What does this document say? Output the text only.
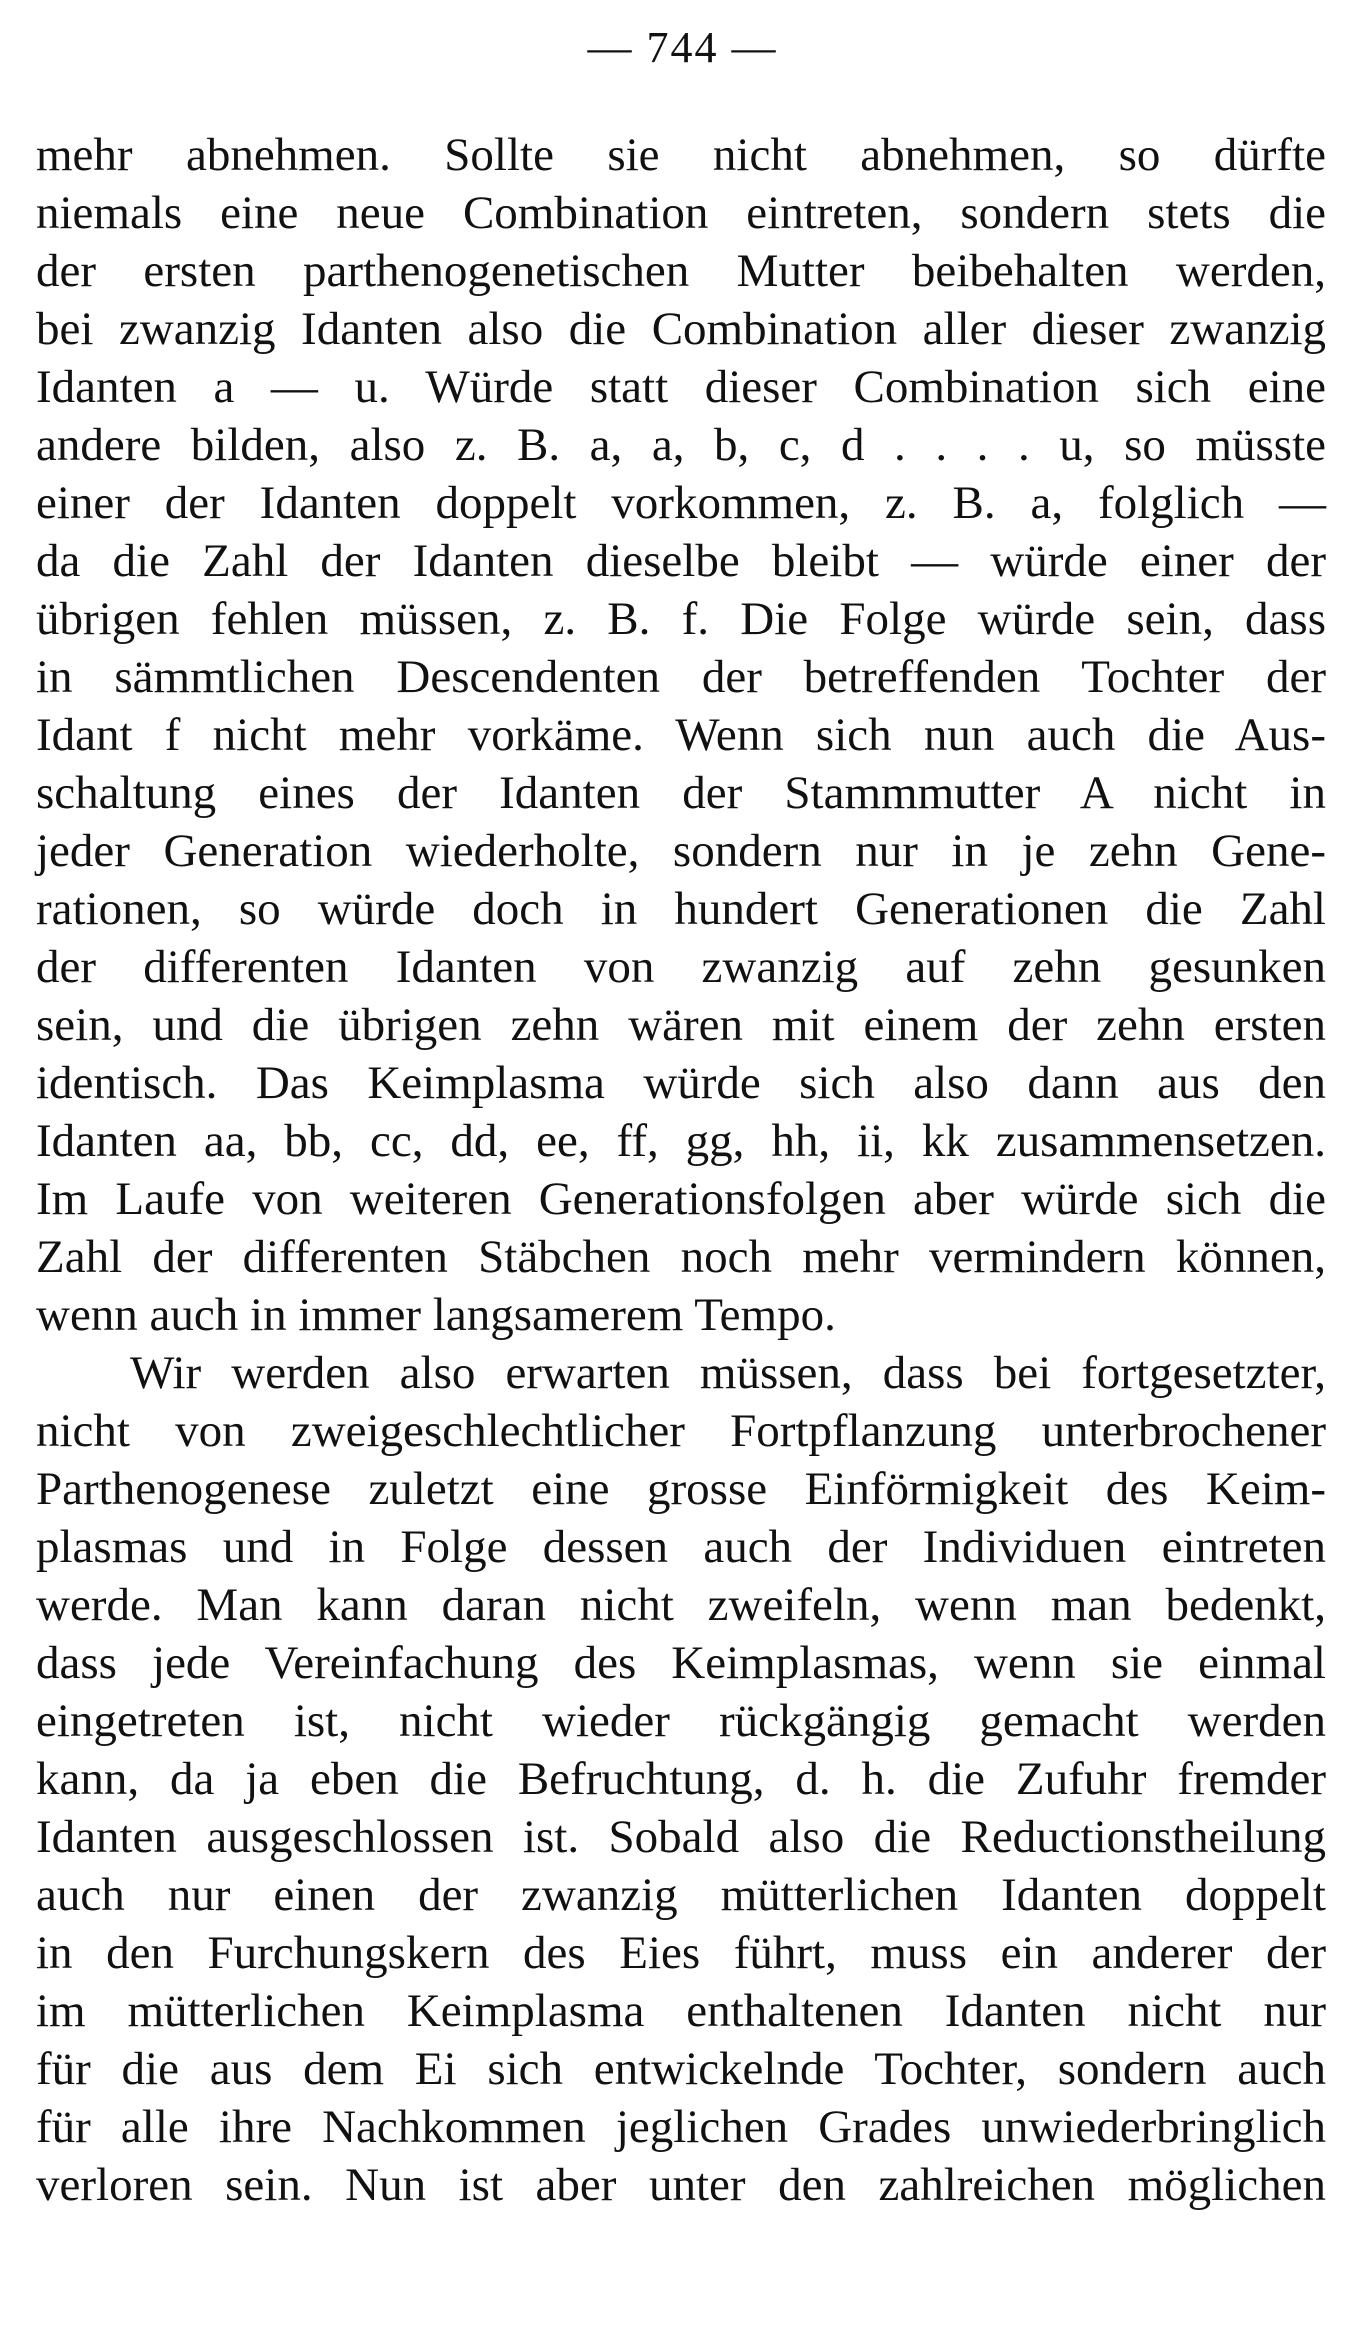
— 744 —
mehr abnehmen. Sollte sie nicht abnehmen, so dürfte
niemals eine neue Combination eintreten, sondern stets die
der ersten parthenogenetischen Mutter beibehalten werden,
bei zwanzig Idanten also die Combination aller dieser zwanzig
Idanten a — u. Würde statt dieser Combination sich eine
andere bilden, also z. B. a, a, b, c, d . . . . u, so müsste
einer der Idanten doppelt vorkommen, z. B. a, folglich —
da die Zahl der Idanten dieselbe bleibt — würde einer der
übrigen fehlen müssen, z. B. f. Die Folge würde sein, dass
in sämmtlichen Descendenten der betreffenden Tochter der
Idant f nicht mehr vorkäme. Wenn sich nun auch die Aus-
schaltung eines der Idanten der Stammmutter A nicht in
jeder Generation wiederholte, sondern nur in je zehn Gene-
rationen, so würde doch in hundert Generationen die Zahl
der differenten Idanten von zwanzig auf zehn gesunken
sein, und die übrigen zehn wären mit einem der zehn ersten
identisch. Das Keimplasma würde sich also dann aus den
Idanten aa, bb, cc, dd, ee, ff, gg, hh, ii, kk zusammensetzen.
Im Laufe von weiteren Generationsfolgen aber würde sich die
Zahl der differenten Stäbchen noch mehr vermindern können,
wenn auch in immer langsamerem Tempo.
Wir werden also erwarten müssen, dass bei fortgesetzter,
nicht von zweigeschlechtlicher Fortpflanzung unterbrochener
Parthenogenese zuletzt eine grosse Einförmigkeit des Keim-
plasmas und in Folge dessen auch der Individuen eintreten
werde. Man kann daran nicht zweifeln, wenn man bedenkt,
dass jede Vereinfachung des Keimplasmas, wenn sie einmal
eingetreten ist, nicht wieder rückgängig gemacht werden
kann, da ja eben die Befruchtung, d. h. die Zufuhr fremder
Idanten ausgeschlossen ist. Sobald also die Reductionstheilung
auch nur einen der zwanzig mütterlichen Idanten doppelt
in den Furchungskern des Eies führt, muss ein anderer der
im mütterlichen Keimplasma enthaltenen Idanten nicht nur
für die aus dem Ei sich entwickelnde Tochter, sondern auch
für alle ihre Nachkommen jeglichen Grades unwiederbringlich
verloren sein. Nun ist aber unter den zahlreichen möglichen
